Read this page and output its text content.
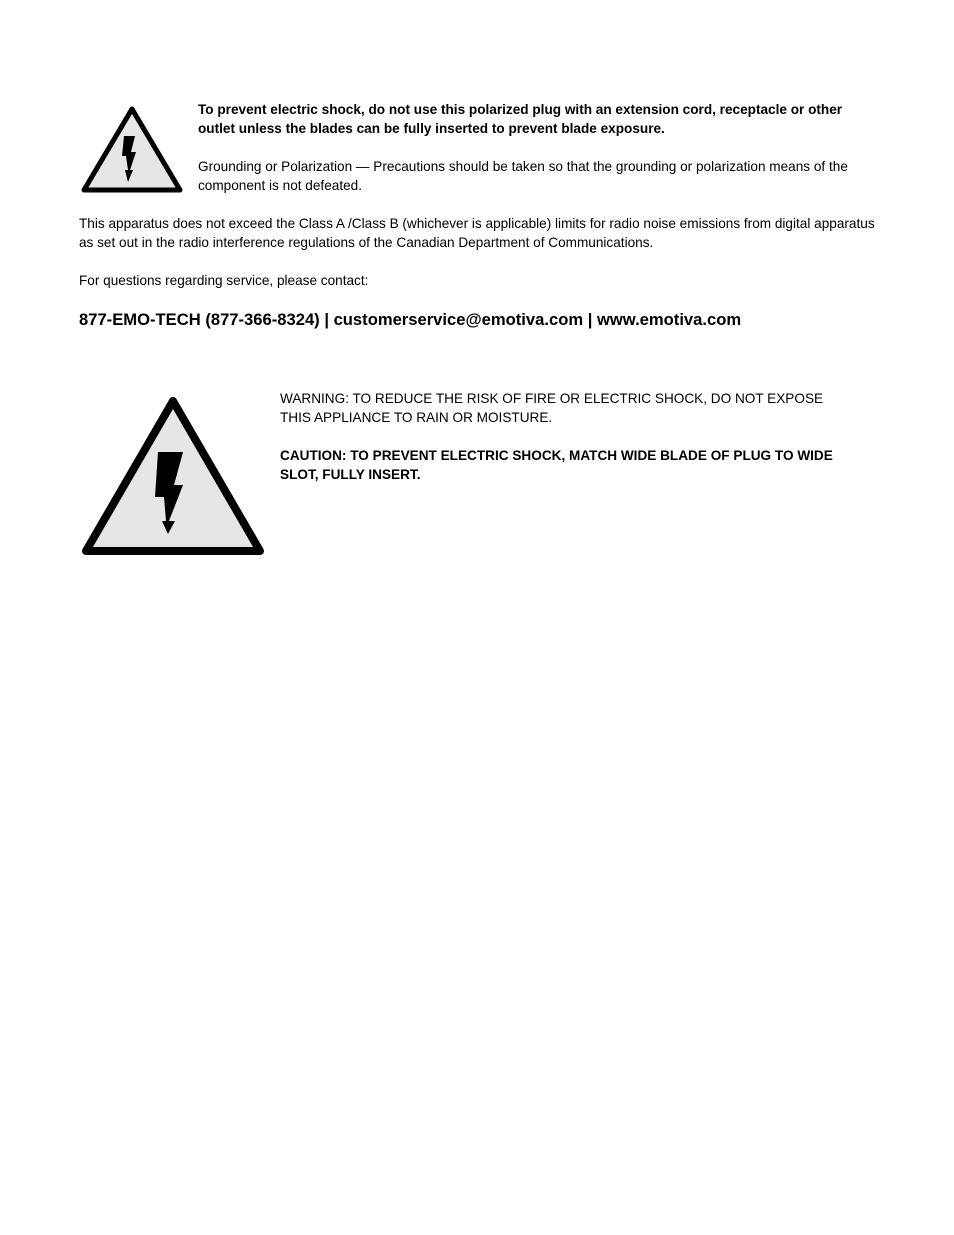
To prevent electric shock, do not use this polarized plug with an extension cord, receptacle or other outlet unless the blades can be fully inserted to prevent blade exposure.

Grounding or Polarization — Precautions should be taken so that the grounding or polarization means of the component is not defeated.

This apparatus does not exceed the Class A /Class B (whichever is applicable) limits for radio noise emissions from digital apparatus as set out in the radio interference regulations of the Canadian Department of Communications.

For questions regarding service, please contact:

877-EMO-TECH (877-366-8324) | customerservice@emotiva.com | www.emotiva.com

WARNING: TO REDUCE THE RISK OF FIRE OR ELECTRIC SHOCK, DO NOT EXPOSE THIS APPLIANCE TO RAIN OR MOISTURE.

CAUTION: TO PREVENT ELECTRIC SHOCK, MATCH WIDE BLADE OF PLUG TO WIDE SLOT, FULLY INSERT.
